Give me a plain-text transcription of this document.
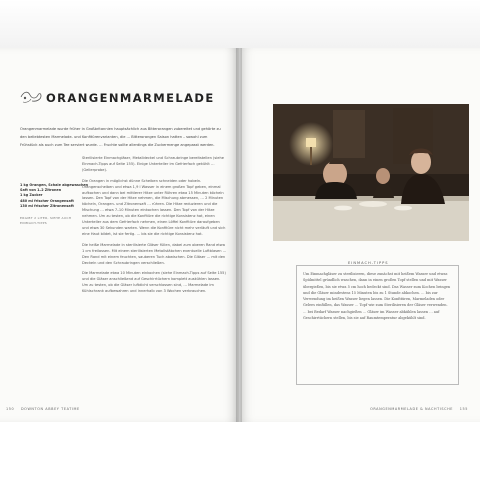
ORANGENMARMELADE

Orangenmarmelade wurde früher in Großbritannien hauptsächlich aus Bitterorangen zubereitet und gehörte zu den beliebtesten Marmelade- und Konfitürenvarianten, die … Bitterorangen Saison hatten – sowohl zum Frühstück als auch zum Tee serviert wurde. … Fruchte sollte allerdings die Zuckermenge angepasst werden.

1 kg Orangen, Schale abgewaschen
Saft von 1–2 Zitronen
1 kg Zucker
480 ml frischer Orangensaft
130 ml frischer Zitronensaft

ERGIBT 2 LITER, SIEHE AUCH EINMACH-TIPPS

Sterilisierte Einmachgläser, Metalldeckel und Schraubringe bereitstellen (siehe Einmach-Tipps auf Seite 155). Einige Unterteller im Gefrierfach gekühlt … (Gelierprobe).

Die Orangen in möglichst dünne Scheiben schneiden oder hobeln. Orangenscheiben und etwa 1,9 l Wasser in einem großen Topf geben, einmal aufkochen und dann bei mittlerer Hitze unter Rühren etwa 15 Minuten köcheln lassen. Den Topf von der Hitze nehmen, die Mischung abmessen, … 2 Minuten köcheln, Orangen- und Zitronensaft … rühren. Die Hitze reduzieren und die Mischung … etwa 7–10 Minuten einkochen lassen. Den Topf von der Hitze nehmen. Um zu testen, ob die Konfitüre die richtige Konsistenz hat, einen Unterteller aus dem Gefrierfach nehmen, einen Löffel Konfitüre daraufgeben und etwa 30 Sekunden warten. Wenn die Konfitüre nicht mehr verläuft und sich eine Haut bildet, ist sie fertig. … bis sie die richtige Konsistenz hat.

Die heiße Marmelade in sterilisierte Gläser füllen, dabei zum oberen Rand etwa 1 cm freilassen. Mit einem sterilisierten Metallstäbchen eventuelle Luftblasen … Den Rand mit einem feuchten, sauberen Tuch abwischen. Die Gläser … mit den Deckeln und den Schraubringen verschließen.

Die Marmelade etwa 10 Minuten einkochen (siehe Einmach-Tipps auf Seite 155) und die Gläser anschließend auf Geschirrtüchern komplett auskühlen lassen. Um zu testen, ob die Gläser luftdicht verschlossen sind, … Marmelade im Kühlschrank aufbewahren und innerhalb von 3 Wochen verbrauchen.

150 DOWNTON ABBEY TEATIME
EINMACH-TIPPS

Um Einmachgläser zu sterilisieren, diese zunächst mit heißem Wasser und etwas Spülmittel gründlich waschen, dann in einen großen Topf stellen und mit Wasser übergießen, bis sie etwa 5 cm hoch bedeckt sind. Das Wasser zum Kochen bringen und die Gläser mindestens 15 Minuten bis zu 1 Stunde abkochen. … bis zur Verwendung im heißen Wasser liegen lassen. Die Konfitüren, Marmeladen oder Gelees einfüllen, das Wasser … Topf wie zum Sterilisieren der Gläser verwenden. … bei Bedarf Wasser nachgießen … Gläser im Wasser abkühlen lassen … auf Geschirrtüchern stellen, bis sie auf Raumtemperatur abgekühlt sind.

ORANGENMARMELADE & NACHTISCHE 155
